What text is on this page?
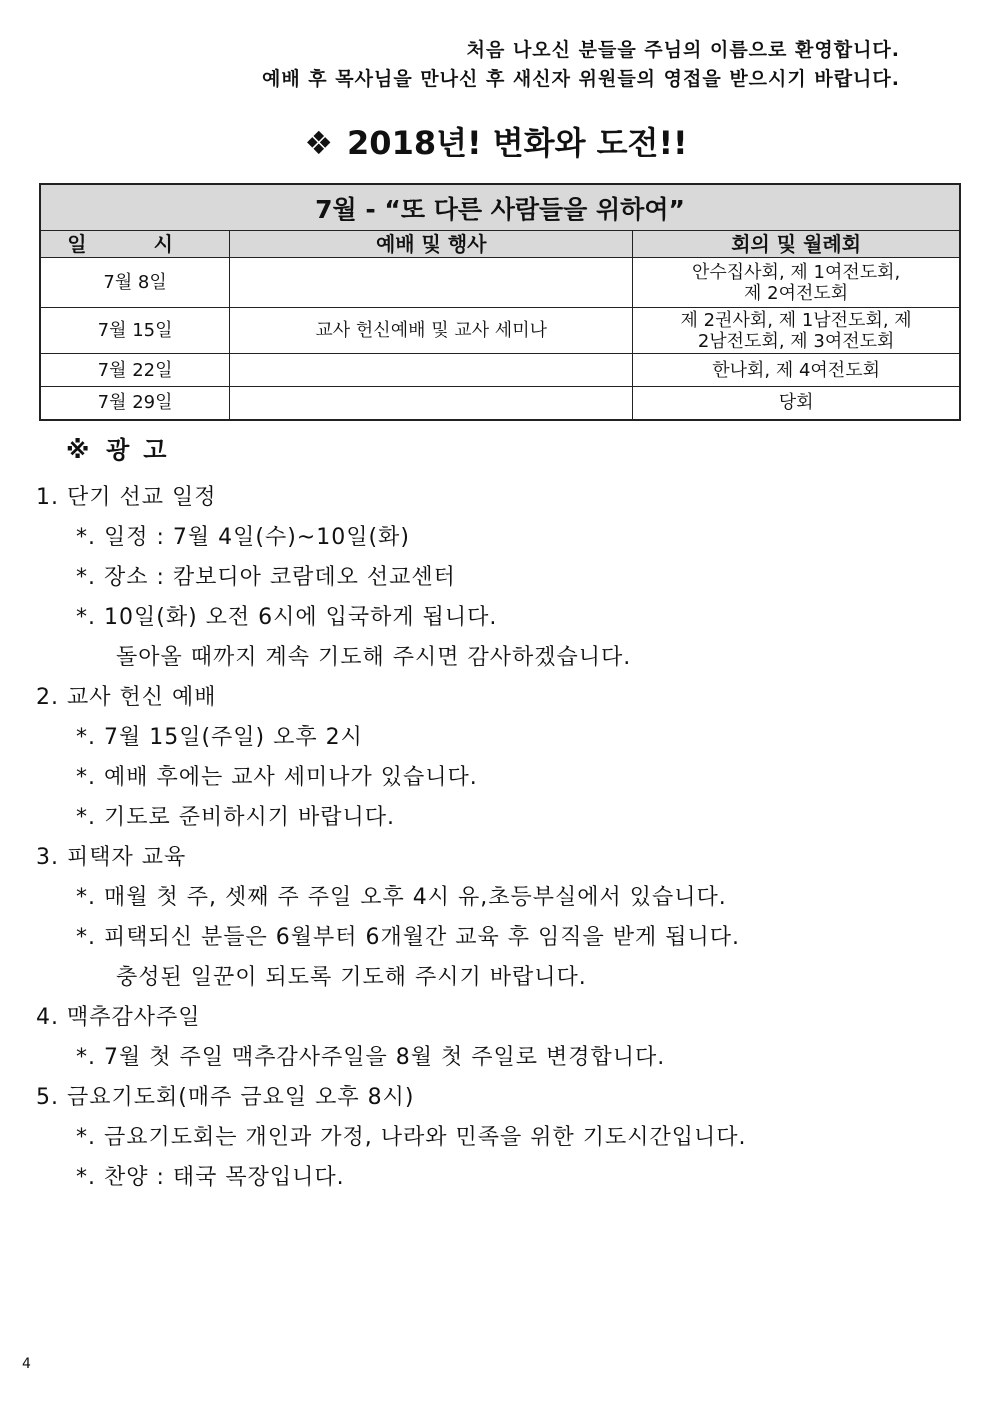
처음 나오신 분들을 주님의 이름으로 환영합니다.
예배 후 목사님을 만나신 후 새신자 위원들의 영접을 받으시기 바랍니다.
❖ 2018년! 변화와 도전!!
7월 - “또 다른 사람들을 위하여”		
일 시	예배 및 행사	회의 및 월례회
7월 8일		안수집사회, 제 1여전도회,
제 2여전도회

7월 15일	교사 헌신예배 및 교사 세미나	제 2권사회, 제 1남전도회, 제
2남전도회, 제 3여전도회

7월 22일		한나회, 제 4여전도회
7월 29일		당회
※ 광고
1. 단기 선교 일정
*. 일정 : 7월 4일(수)~10일(화)
*. 장소 : 캄보디아 코람데오 선교센터
*. 10일(화) 오전 6시에 입국하게 됩니다.
돌아올 때까지 계속 기도해 주시면 감사하겠습니다.
2. 교사 헌신 예배
*. 7월 15일(주일) 오후 2시
*. 예배 후에는 교사 세미나가 있습니다.
*. 기도로 준비하시기 바랍니다.
3. 피택자 교육
*. 매월 첫 주, 셋째 주 주일 오후 4시 유,초등부실에서 있습니다.
*. 피택되신 분들은 6월부터 6개월간 교육 후 임직을 받게 됩니다.
충성된 일꾼이 되도록 기도해 주시기 바랍니다.
4. 맥추감사주일
*. 7월 첫 주일 맥추감사주일을 8월 첫 주일로 변경합니다.
5. 금요기도회(매주 금요일 오후 8시)
*. 금요기도회는 개인과 가정, 나라와 민족을 위한 기도시간입니다.
*. 찬양 : 태국 목장입니다.
4
